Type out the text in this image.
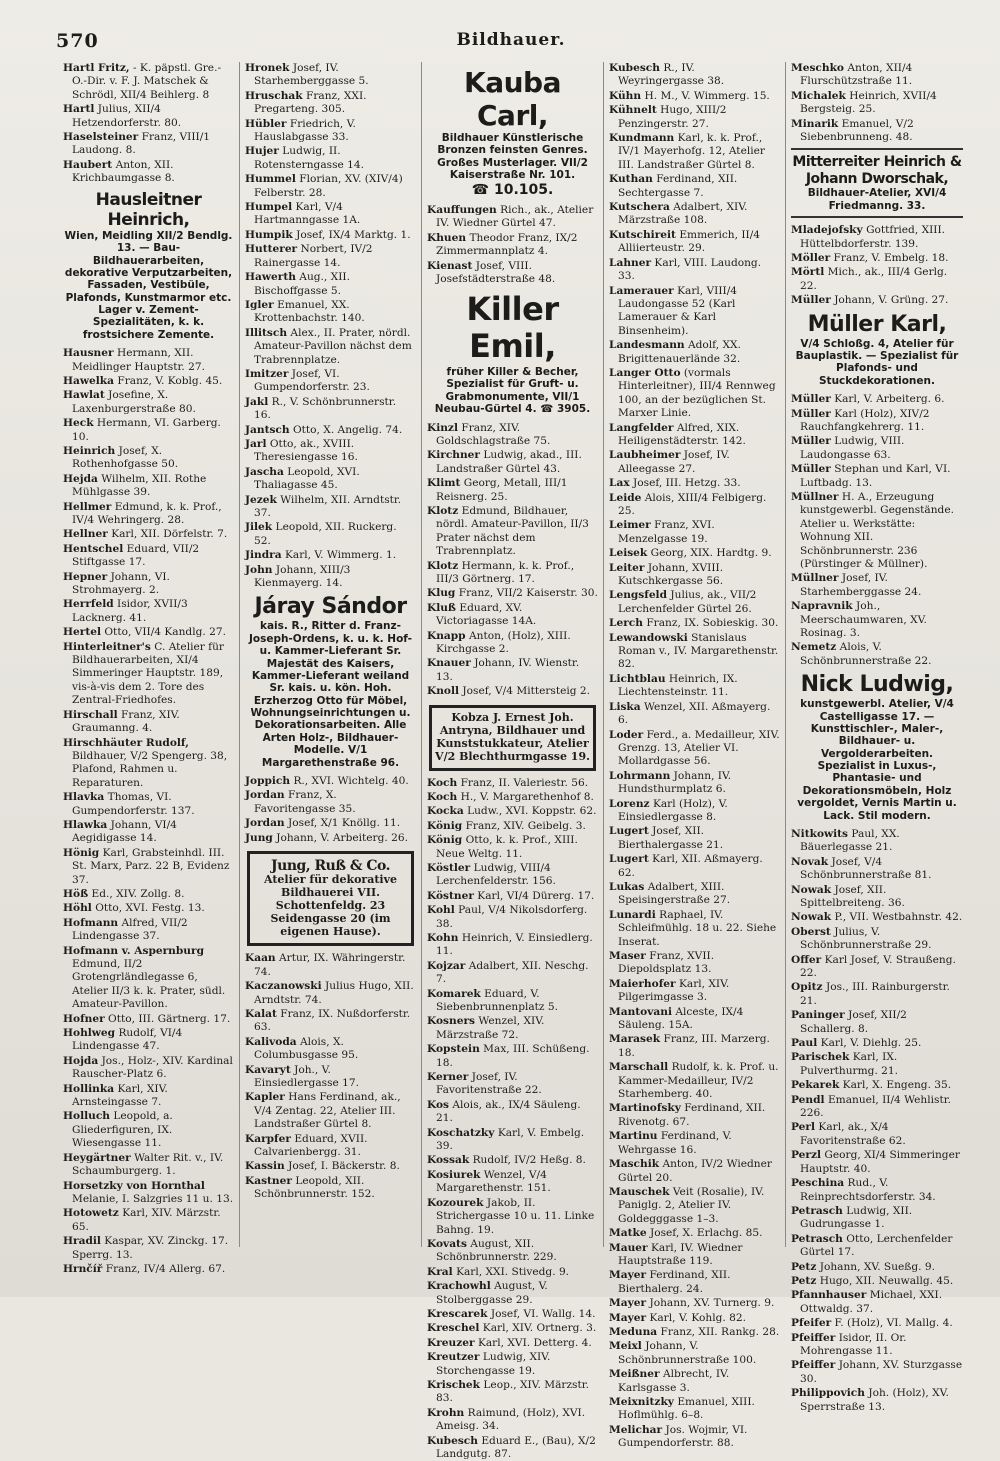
570	Bildhauer.
Hartl Fritz, - K. päpstl. Gre.-O.-Dir. v. F. J. Matschek & Schrödl, XII/4 Beihlerg. 8
Hartl Julius, XII/4 Hetzendorferstr. 80.
Haselsteiner Franz, VIII/1 Laudong. 8.
Haubert Anton, XII. Krichbaumgasse 8.
Hausleitner Heinrich,
Wien, Meidling XII/2 Bendlg. 13. — Bau-Bildhauerarbeiten, dekorative Verputzarbeiten, Fassaden, Vestibüle, Plafonds, Kunstmarmor etc. Lager v. Zement-Spezialitäten, k. k. frostsichere Zemente.
Hausner Hermann, XII. Meidlinger Hauptstr. 27.
Hawelka Franz, V. Koblg. 45.
Hawlat Josefine, X. Laxenburgerstraße 80.
Heck Hermann, VI. Garberg. 10.
Heinrich Josef, X. Rothenhofgasse 50.
Hejda Wilhelm, XII. Rothe Mühlgasse 39.
Hellmer Edmund, k. k. Prof., IV/4 Wehringerg. 28.
Hellner Karl, XII. Dörfelstr. 7.
Hentschel Eduard, VII/2 Stiftgasse 17.
Hepner Johann, VI. Strohmayerg. 2.
Herrfeld Isidor, XVII/3 Lacknerg. 41.
Hertel Otto, VII/4 Kandlg. 27.
Hinterleitner's C. Atelier für Bildhauerarbeiten, XI/4 Simmeringer Hauptstr. 189, vis-à-vis dem 2. Tore des Zentral-Friedhofes.
Hirschall Franz, XIV. Graumanng. 4.
Hirschhäuter Rudolf, Bildhauer, V/2 Spengerg. 38, Plafond, Rahmen u. Reparaturen.
Hlavka Thomas, VI. Gumpendorferstr. 137.
Hlawka Johann, VI/4 Aegidigasse 14.
Hönig Karl, Grabsteinhdl. III. St. Marx, Parz. 22 B, Evidenz 37.
Höß Ed., XIV. Zollg. 8.
Höhl Otto, XVI. Festg. 13.
Hofmann Alfred, VII/2 Lindengasse 37.
Hofmann v. Aspernburg Edmund, II/2 Grotengrländlegasse 6, Atelier II/3 k. k. Prater, südl. Amateur-Pavillon.
Hofner Otto, III. Gärtnerg. 17.
Hohlweg Rudolf, VI/4 Lindengasse 47.
Hojda Jos., Holz-, XIV. Kardinal Rauscher-Platz 6.
Hollinka Karl, XIV. Arnsteingasse 7.
Holluch Leopold, a. Gliederfiguren, IX. Wiesengasse 11.
Heygärtner Walter Rit. v., IV. Schaumburgerg. 1.
Horsetzky von Hornthal Melanie, I. Salzgries 11 u. 13.
Hotowetz Karl, XIV. Märzstr. 65.
Hradil Kaspar, XV. Zinckg. 17. Sperrg. 13.
Hrnčíř Franz, IV/4 Allerg. 67.
Hronek Josef, IV. Starhemberggasse 5.
Hruschak Franz, XXI. Pregarteng. 305.
Hübler Friedrich, V. Hauslabgasse 33.
Hujer Ludwig, II. Rotensterngasse 14.
Hummel Florian, XV. (XIV/4) Felberstr. 28.
Humpel Karl, V/4 Hartmanngasse 1A.
Humpik Josef, IX/4 Marktg. 1.
Hutterer Norbert, IV/2 Rainergasse 14.
Hawerth Aug., XII. Bischoffgasse 5.
Igler Emanuel, XX. Krottenbachstr. 140.
Illitsch Alex., II. Prater, nördl. Amateur-Pavillon nächst dem Trabrennplatze.
Imitzer Josef, VI. Gumpendorferstr. 23.
Jakl R., V. Schönbrunnerstr. 16.
Jantsch Otto, X. Angelig. 74.
Jarl Otto, ak., XVIII. Theresiengasse 16.
Jascha Leopold, XVI. Thaliagasse 45.
Jezek Wilhelm, XII. Arndtstr. 37.
Jilek Leopold, XII. Ruckerg. 52.
Jindra Karl, V. Wimmerg. 1.
John Johann, XIII/3 Kienmayerg. 14.
Járay Sándor
kais. R., Ritter d. Franz-Joseph-Ordens, k. u. k. Hof- u. Kammer-Lieferant Sr. Majestät des Kaisers, Kammer-Lieferant weiland Sr. kais. u. kön. Hoh. Erzherzog Otto für Möbel, Wohnungseinrichtungen u. Dekorationsarbeiten. Alle Arten Holz-, Bildhauer-Modelle. V/1 Margarethenstraße 96.
Joppich R., XVI. Wichtelg. 40.
Jordan Franz, X. Favoritengasse 35.
Jordan Josef, X/1 Knöllg. 11.
Jung Johann, V. Arbeiterg. 26.
Jung, Ruß & Co.
Atelier für dekorative Bildhauerei VII. Schottenfeldg. 23 Seidengasse 20 (im eigenen Hause).
Kaan Artur, IX. Währingerstr. 74.
Kaczanowski Julius Hugo, XII. Arndtstr. 74.
Kalat Franz, IX. Nußdorferstr. 63.
Kalivoda Alois, X. Columbusgasse 95.
Kavaryt Joh., V. Einsiedlergasse 17.
Kapler Hans Ferdinand, ak., V/4 Zentag. 22, Atelier III. Landstraßer Gürtel 8.
Karpfer Eduard, XVII. Calvarienbergg. 31.
Kassin Josef, I. Bäckerstr. 8.
Kastner Leopold, XII. Schönbrunnerstr. 152.
Kauba Carl,
Bildhauer Künstlerische Bronzen feinsten Genres. Großes Musterlager. VII/2 Kaiserstraße Nr. 101.
☎ 10.105.
Kauffungen Rich., ak., Atelier IV. Wiedner Gürtel 47.
Khuen Theodor Franz, IX/2 Zimmermannplatz 4.
Kienast Josef, VIII. Josefstädterstraße 48.
Killer Emil,
früher Killer & Becher, Spezialist für Gruft- u. Grabmonumente, VII/1 Neubau-Gürtel 4. ☎ 3905.
Kinzl Franz, XIV. Goldschlagstraße 75.
Kirchner Ludwig, akad., III. Landstraßer Gürtel 43.
Klimt Georg, Metall, III/1 Reisnerg. 25.
Klotz Edmund, Bildhauer, nördl. Amateur-Pavillon, II/3 Prater nächst dem Trabrennplatz.
Klotz Hermann, k. k. Prof., III/3 Görtnerg. 17.
Klug Franz, VII/2 Kaiserstr. 30.
Kluß Eduard, XV. Victoriagasse 14A.
Knapp Anton, (Holz), XIII. Kirchgasse 2.
Knauer Johann, IV. Wienstr. 13.
Knoll Josef, V/4 Mittersteig 2.
Kobza J. Ernest Joh. Antryna, Bildhauer und Kunststukkateur, Atelier V/2 Blechthurmgasse 19.
Koch Franz, II. Valeriestr. 56.
Koch H., V. Margarethenhof 8.
Kocka Ludw., XVI. Koppstr. 62.
König Franz, XIV. Geibelg. 3.
König Otto, k. k. Prof., XIII. Neue Weltg. 11.
Köstler Ludwig, VIII/4 Lerchenfelderstr. 156.
Köstner Karl, VI/4 Dürerg. 17.
Kohl Paul, V/4 Nikolsdorferg. 38.
Kohn Heinrich, V. Einsiedlerg. 11.
Kojzar Adalbert, XII. Neschg. 7.
Komarek Eduard, V. Siebenbrunnenplatz 5.
Kosners Wenzel, XIV. Märzstraße 72.
Kopstein Max, III. Schüßeng. 18.
Kerner Josef, IV. Favoritenstraße 22.
Kos Alois, ak., IX/4 Säuleng. 21.
Koschatzky Karl, V. Embelg. 39.
Kossak Rudolf, IV/2 Heßg. 8.
Kosiurek Wenzel, V/4 Margarethenstr. 151.
Kozourek Jakob, II. Strichergasse 10 u. 11. Linke Bahng. 19.
Kovats August, XII. Schönbrunnerstr. 229.
Kral Karl, XXI. Stivedg. 9.
Krachowhl August, V. Stolberggasse 29.
Krescarek Josef, VI. Wallg. 14.
Kreschel Karl, XIV. Ortnerg. 3.
Kreuzer Karl, XVI. Detterg. 4.
Kreutzer Ludwig, XIV. Storchengasse 19.
Krischek Leop., XIV. Märzstr. 83.
Krohn Raimund, (Holz), XVI. Ameisg. 34.
Kubesch Eduard E., (Bau), X/2 Landgutg. 87.
Kubesch R., IV. Weyringergasse 38.
Kühn H. M., V. Wimmerg. 15.
Kühnelt Hugo, XIII/2 Penzingerstr. 27.
Kundmann Karl, k. k. Prof., IV/1 Mayerhofg. 12, Atelier III. Landstraßer Gürtel 8.
Kuthan Ferdinand, XII. Sechtergasse 7.
Kutschera Adalbert, XIV. Märzstraße 108.
Kutschireit Emmerich, II/4 Alliierteustr. 29.
Lahner Karl, VIII. Laudong. 33.
Lamerauer Karl, VIII/4 Laudongasse 52 (Karl Lamerauer & Karl Binsenheim).
Landesmann Adolf, XX. Brigittenauerlände 32.
Langer Otto (vormals Hinterleitner), III/4 Rennweg 100, an der bezüglichen St. Marxer Linie.
Langfelder Alfred, XIX. Heiligenstädterstr. 142.
Laubheimer Josef, IV. Alleegasse 27.
Lax Josef, III. Hetzg. 33.
Leide Alois, XIII/4 Felbigerg. 25.
Leimer Franz, XVI. Menzelgasse 19.
Leisek Georg, XIX. Hardtg. 9.
Leiter Johann, XVIII. Kutschkergasse 56.
Lengsfeld Julius, ak., VII/2 Lerchenfelder Gürtel 26.
Lerch Franz, IX. Sobieskig. 30.
Lewandowski Stanislaus Roman v., IV. Margarethenstr. 82.
Lichtblau Heinrich, IX. Liechtensteinstr. 11.
Liska Wenzel, XII. Aßmayerg. 6.
Loder Ferd., a. Medailleur, XIV. Grenzg. 13, Atelier VI. Mollardgasse 56.
Lohrmann Johann, IV. Hundsthurmplatz 6.
Lorenz Karl (Holz), V. Einsiedlergasse 8.
Lugert Josef, XII. Bierthalergasse 21.
Lugert Karl, XII. Aßmayerg. 62.
Lukas Adalbert, XIII. Speisingerstraße 27.
Lunardi Raphael, IV. Schleifmühlg. 18 u. 22. Siehe Inserat.
Maser Franz, XVII. Diepoldsplatz 13.
Maierhofer Karl, XIV. Pilgerimgasse 3.
Mantovani Alceste, IX/4 Säuleng. 15A.
Marasek Franz, III. Marzerg. 18.
Marschall Rudolf, k. k. Prof. u. Kammer-Medailleur, IV/2 Starhemberg. 40.
Martinofsky Ferdinand, XII. Rivenotg. 67.
Martinu Ferdinand, V. Wehrgasse 16.
Maschik Anton, IV/2 Wiedner Gürtel 20.
Mauschek Veit (Rosalie), IV. Paniglg. 2, Atelier IV. Goldegggasse 1–3.
Matke Josef, X. Erlachg. 85.
Mauer Karl, IV. Wiedner Hauptstraße 119.
Mayer Ferdinand, XII. Bierthalerg. 24.
Mayer Johann, XV. Turnerg. 9.
Mayer Karl, V. Kohlg. 82.
Meduna Franz, XII. Rankg. 28.
Meixl Johann, V. Schönbrunnerstraße 100.
Meißner Albrecht, IV. Karlsgasse 3.
Meixnitzky Emanuel, XIII. Hoflmühlg. 6–8.
Melichar Jos. Wojmir, VI. Gumpendorferstr. 88.
Meschko Anton, XII/4 Flurschützstraße 11.
Michalek Heinrich, XVII/4 Bergsteig. 25.
Minarik Emanuel, V/2 Siebenbrunneng. 48.
Mitterreiter Heinrich & Johann Dworschak,
Bildhauer-Atelier, XVI/4 Friedmanng. 33.
Mladejofsky Gottfried, XIII. Hüttelbdorferstr. 139.
Möller Franz, V. Embelg. 18.
Mörtl Mich., ak., III/4 Gerlg. 22.
Müller Johann, V. Grüng. 27.
Müller Karl,
V/4 Schloßg. 4, Atelier für Bauplastik. — Spezialist für Plafonds- und Stuckdekorationen.
Müller Karl, V. Arbeiterg. 6.
Müller Karl (Holz), XIV/2 Rauchfangkehrerg. 11.
Müller Ludwig, VIII. Laudongasse 63.
Müller Stephan und Karl, VI. Luftbadg. 13.
Müllner H. A., Erzeugung kunstgewerbl. Gegenstände. Atelier u. Werkstätte: Wohnung XII. Schönbrunnerstr. 236 (Pürstinger & Müllner).
Müllner Josef, IV. Starhemberggasse 24.
Napravnik Joh., Meerschaumwaren, XV. Rosinag. 3.
Nemetz Alois, V. Schönbrunnerstraße 22.
Nick Ludwig,
kunstgewerbl. Atelier, V/4 Castelligasse 17. — Kunsttischler-, Maler-, Bildhauer- u. Vergolderarbeiten. Spezialist in Luxus-, Phantasie- und Dekorationsmöbeln, Holz vergoldet, Vernis Martin u. Lack. Stil modern.
Nitkowits Paul, XX. Bäuerlegasse 21.
Novak Josef, V/4 Schönbrunnerstraße 81.
Nowak Josef, XII. Spittelbreiteng. 36.
Nowak P., VII. Westbahnstr. 42.
Oberst Julius, V. Schönbrunnerstraße 29.
Offer Karl Josef, V. Straußeng. 22.
Opitz Jos., III. Rainburgerstr. 21.
Paninger Josef, XII/2 Schallerg. 8.
Paul Karl, V. Diehlg. 25.
Parischek Karl, IX. Pulverthurmg. 21.
Pekarek Karl, X. Engeng. 35.
Pendl Emanuel, II/4 Wehlistr. 226.
Perl Karl, ak., X/4 Favoritenstraße 62.
Perzl Georg, XI/4 Simmeringer Hauptstr. 40.
Peschina Rud., V. Reinprechtsdorferstr. 34.
Petrasch Ludwig, XII. Gudrungasse 1.
Petrasch Otto, Lerchenfelder Gürtel 17.
Petz Johann, XV. Sueßg. 9.
Petz Hugo, XII. Neuwallg. 45.
Pfannhauser Michael, XXI. Ottwaldg. 37.
Pfeifer F. (Holz), VI. Mallg. 4.
Pfeiffer Isidor, II. Or. Mohrengasse 11.
Pfeiffer Johann, XV. Sturzgasse 30.
Philippovich Joh. (Holz), XV. Sperrstraße 13.
